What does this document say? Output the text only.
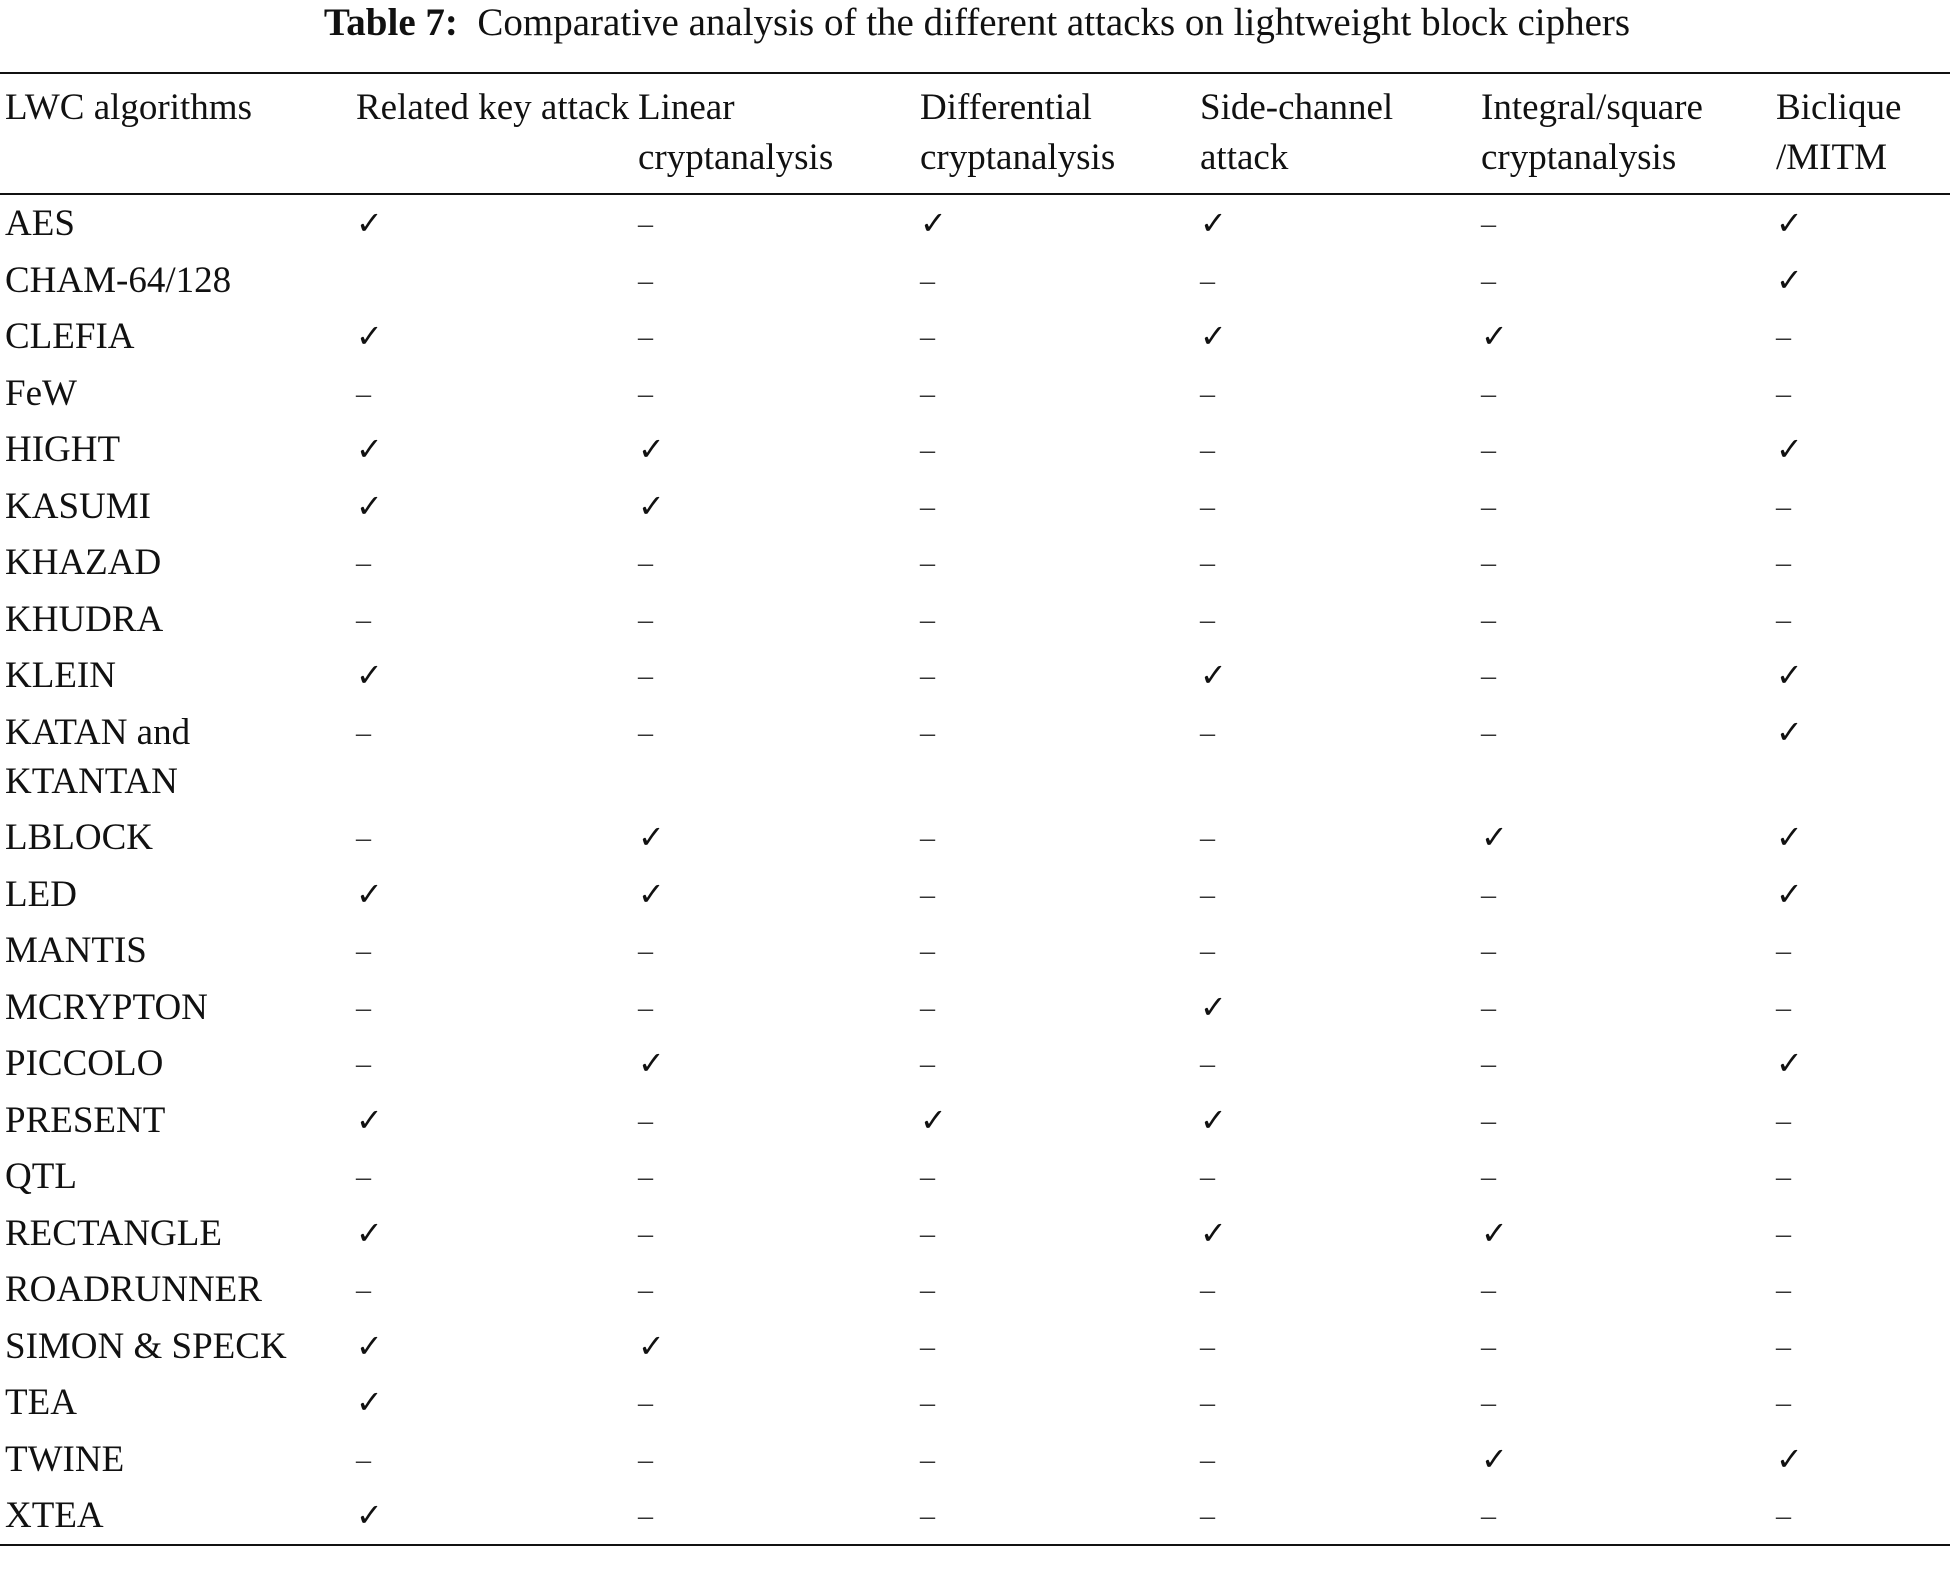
Table 7: Comparative analysis of the different attacks on lightweight block ciphers
LWC algorithms	Related key attack	Linear cryptanalysis	Differential cryptanalysis	Side-channel attack	Integral/square cryptanalysis	Biclique /MITM
AES	✓	–	✓	✓	–	✓
CHAM-64/128		–	–	–	–	✓
CLEFIA	✓	–	–	✓	✓	–
FeW	–	–	–	–	–	–
HIGHT	✓	✓	–	–	–	✓
KASUMI	✓	✓	–	–	–	–
KHAZAD	–	–	–	–	–	–
KHUDRA	–	–	–	–	–	–
KLEIN	✓	–	–	✓	–	✓
KATAN and KTANTAN	–	–	–	–	–	✓
LBLOCK	–	✓	–	–	✓	✓
LED	✓	✓	–	–	–	✓
MANTIS	–	–	–	–	–	–
MCRYPTON	–	–	–	✓	–	–
PICCOLO	–	✓	–	–	–	✓
PRESENT	✓	–	✓	✓	–	–
QTL	–	–	–	–	–	–
RECTANGLE	✓	–	–	✓	✓	–
ROADRUNNER	–	–	–	–	–	–
SIMON & SPECK	✓	✓	–	–	–	–
TEA	✓	–	–	–	–	–
TWINE	–	–	–	–	✓	✓
XTEA	✓	–	–	–	–	–
